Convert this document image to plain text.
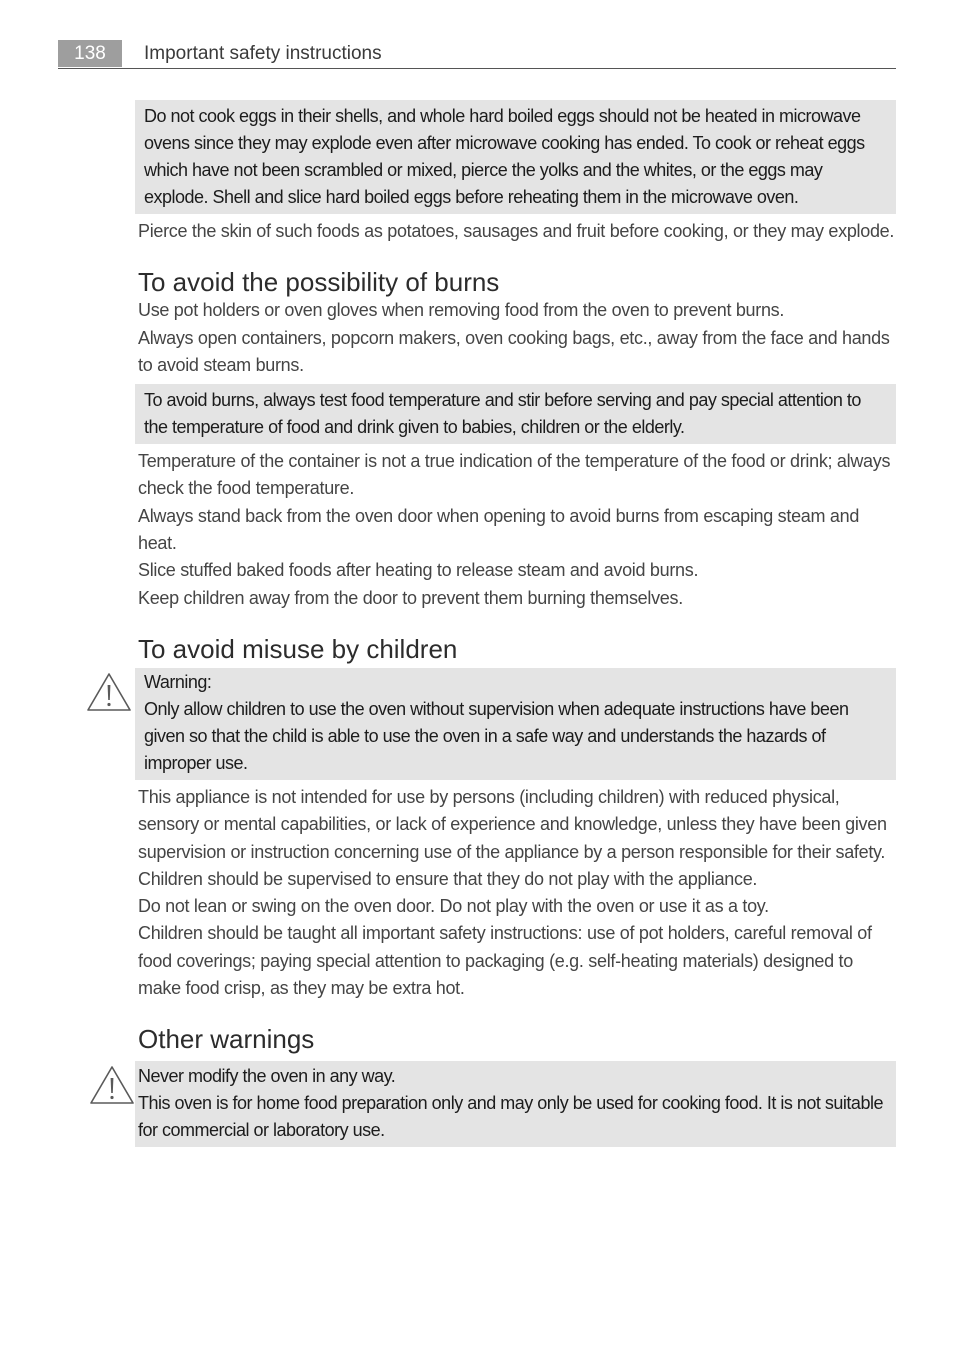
138	Important safety instructions
Do not cook eggs in their shells, and whole hard boiled eggs should not be heated in microwave ovens since they may explode even after microwave cooking has ended. To cook or reheat eggs which have not been scrambled or mixed, pierce the yolks and the whites, or the eggs may explode. Shell and slice hard boiled eggs before reheating them in the microwave oven.

Pierce the skin of such foods as potatoes, sausages and fruit before cooking, or they may explode.

To avoid the possibility of burns

Use pot holders or oven gloves when removing food from the oven to prevent burns.

Always open containers, popcorn makers, oven cooking bags, etc., away from the face and hands to avoid steam burns.

To avoid burns, always test food temperature and stir before serving and pay special attention to the temperature of food and drink given to babies, children or the elderly.

Temperature of the container is not a true indication of the temperature of the food or drink; always check the food temperature.

Always stand back from the oven door when opening to avoid burns from escaping steam and heat.

Slice stuffed baked foods after heating to release steam and avoid burns.

Keep children away from the door to prevent them burning themselves.

To avoid misuse by children
Warning:
Only allow children to use the oven without supervision when adequate instructions have been given so that the child is able to use the oven in a safe way and understands the hazards of improper use.

This appliance is not intended for use by persons (including children) with reduced physical, sensory or mental capabilities, or lack of experience and knowledge, unless they have been given supervision or instruction concerning use of the appliance by a person responsible for their safety.

Children should be supervised to ensure that they do not play with the appliance.

Do not lean or swing on the oven door. Do not play with the oven or use it as a toy.

Children should be taught all important safety instructions: use of pot holders, careful removal of food coverings; paying special attention to packaging (e.g. self-heating materials) designed to make food crisp, as they may be extra hot.

Other warnings
Never modify the oven in any way.
This oven is for home food preparation only and may only be used for cooking food. It is not suitable for commercial or laboratory use.
